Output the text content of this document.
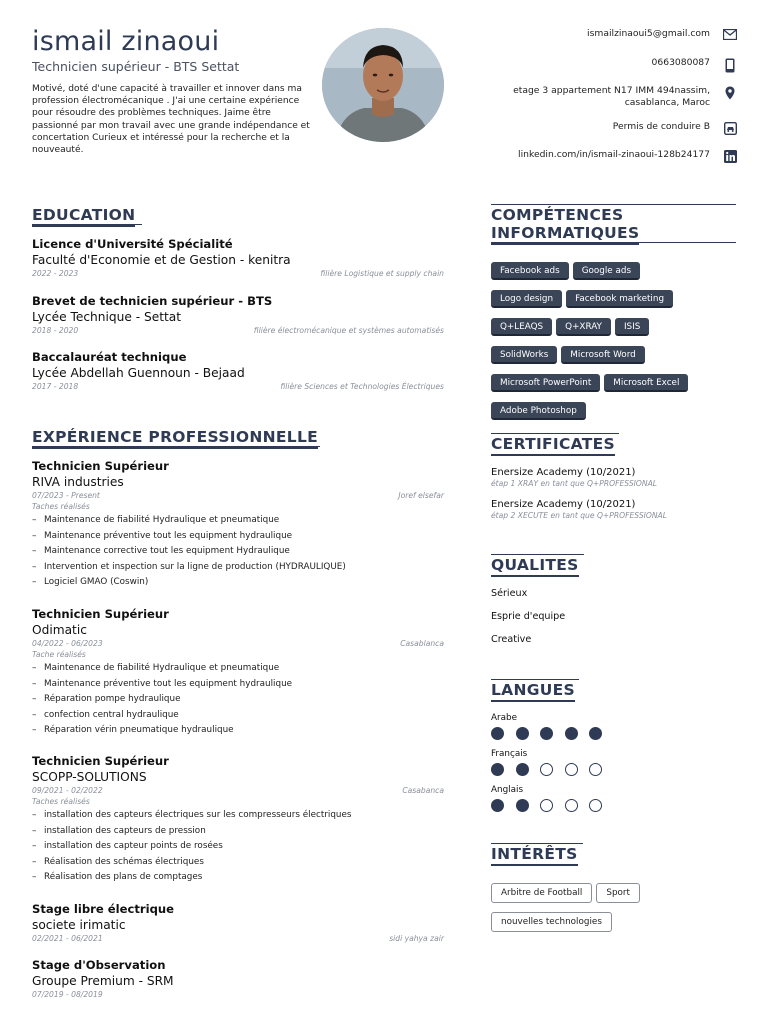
ismail zinaoui
Technicien supérieur - BTS Settat
Motivé, doté d'une capacité à travailler et innover dans ma profession électromécanique . J'ai une certaine expérience pour résoudre des problèmes techniques. Jaime être passionné par mon travail avec une grande indépendance et concertation Curieux et intéressé pour la recherche et la nouveauté.
ismailzinaoui5@gmail.com
0663080087
etage 3 appartement N17 IMM 494nassim,
casablanca, Maroc
Permis de conduire B
linkedin.com/in/ismail-zinaoui-128b24177
EDUCATION
Licence d'Université Spécialité
Faculté d'Economie et de Gestion - kenitra
2022 - 2023	filière Logistique et supply chain
Brevet de technicien supérieur - BTS
Lycée Technique - Settat
2018 - 2020	filière électromécanique et systèmes automatisés
Baccalauréat technique
Lycée Abdellah Guennoun - Bejaad
2017 - 2018	filière Sciences et Technologies Électriques
EXPÉRIENCE PROFESSIONNELLE
Technicien Supérieur
RIVA industries
07/2023 - Present	Joref elsefar
Taches réalisés
– Maintenance de fiabilité Hydraulique et pneumatique
– Maintenance préventive tout les equipment hydraulique
– Maintenance corrective tout les equipment Hydraulique
– Intervention et inspection sur la ligne de production (HYDRAULIQUE)
– Logiciel GMAO (Coswin)
Technicien Supérieur
Odimatic
04/2022 - 06/2023	Casablanca
Tache réalisés
– Maintenance de fiabilité Hydraulique et pneumatique
– Maintenance préventive tout les equipment hydraulique
– Réparation pompe hydraulique
– confection central hydraulique
– Réparation vérin pneumatique hydraulique
Technicien Supérieur
SCOPP-SOLUTIONS
09/2021 - 02/2022	Casabanca
Taches réalisés
– installation des capteurs électriques sur les compresseurs électriques
– installation des capteurs de pression
– installation des capteur points de rosées
– Réalisation des schémas électriques
– Réalisation des plans de comptages
Stage libre électrique
societe irimatic
02/2021 - 06/2021	sidi yahya zair
Stage d'Observation
Groupe Premium - SRM
07/2019 - 08/2019
COMPÉTENCES
INFORMATIQUES
Facebook ads	Google ads
Logo design	Facebook marketing
Q+LEAQS	Q+XRAY	ISIS
SolidWorks	Microsoft Word
Microsoft PowerPoint	Microsoft Excel
Adobe Photoshop
CERTIFICATES
Enersize Academy (10/2021)
étap 1 XRAY en tant que Q+PROFESSIONAL
Enersize Academy (10/2021)
étap 2 XECUTE en tant que Q+PROFESSIONAL
QUALITES
Sérieux
Esprie d'equipe
Creative
LANGUES
Arabe
Français
Anglais
INTÉRÊTS
Arbitre de Football	Sport
nouvelles technologies
